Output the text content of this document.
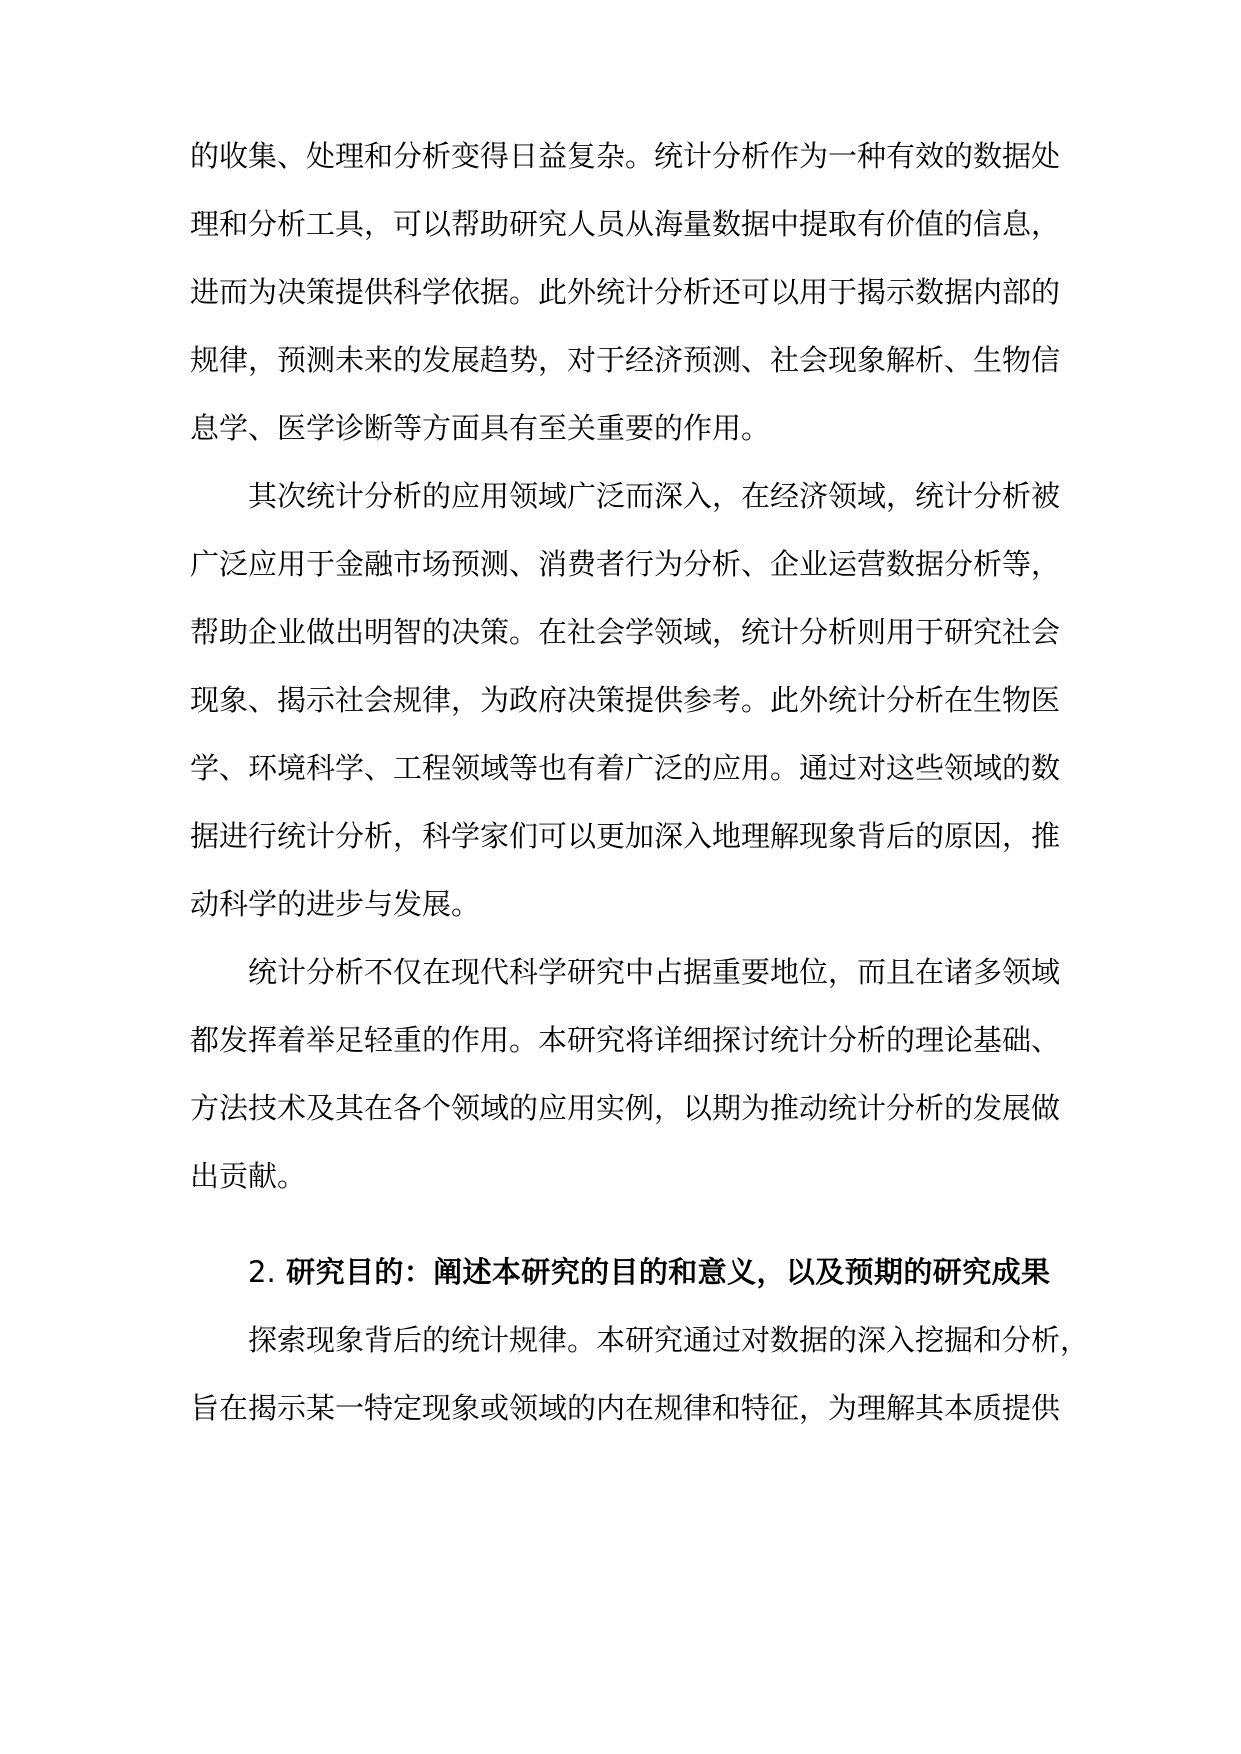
的收集、处理和分析变得日益复杂。统计分析作为一种有效的数据处
理和分析工具，可以帮助研究人员从海量数据中提取有价值的信息，
进而为决策提供科学依据。此外统计分析还可以用于揭示数据内部的
规律，预测未来的发展趋势，对于经济预测、社会现象解析、生物信
息学、医学诊断等方面具有至关重要的作用。
其次统计分析的应用领域广泛而深入，在经济领域，统计分析被
广泛应用于金融市场预测、消费者行为分析、企业运营数据分析等，
帮助企业做出明智的决策。在社会学领域，统计分析则用于研究社会
现象、揭示社会规律，为政府决策提供参考。此外统计分析在生物医
学、环境科学、工程领域等也有着广泛的应用。通过对这些领域的数
据进行统计分析，科学家们可以更加深入地理解现象背后的原因，推
动科学的进步与发展。
统计分析不仅在现代科学研究中占据重要地位，而且在诸多领域
都发挥着举足轻重的作用。本研究将详细探讨统计分析的理论基础、
方法技术及其在各个领域的应用实例，以期为推动统计分析的发展做
出贡献。
2. 研究目的：阐述本研究的目的和意义，以及预期的研究成果
探索现象背后的统计规律。本研究通过对数据的深入挖掘和分析，
旨在揭示某一特定现象或领域的内在规律和特征，为理解其本质提供
